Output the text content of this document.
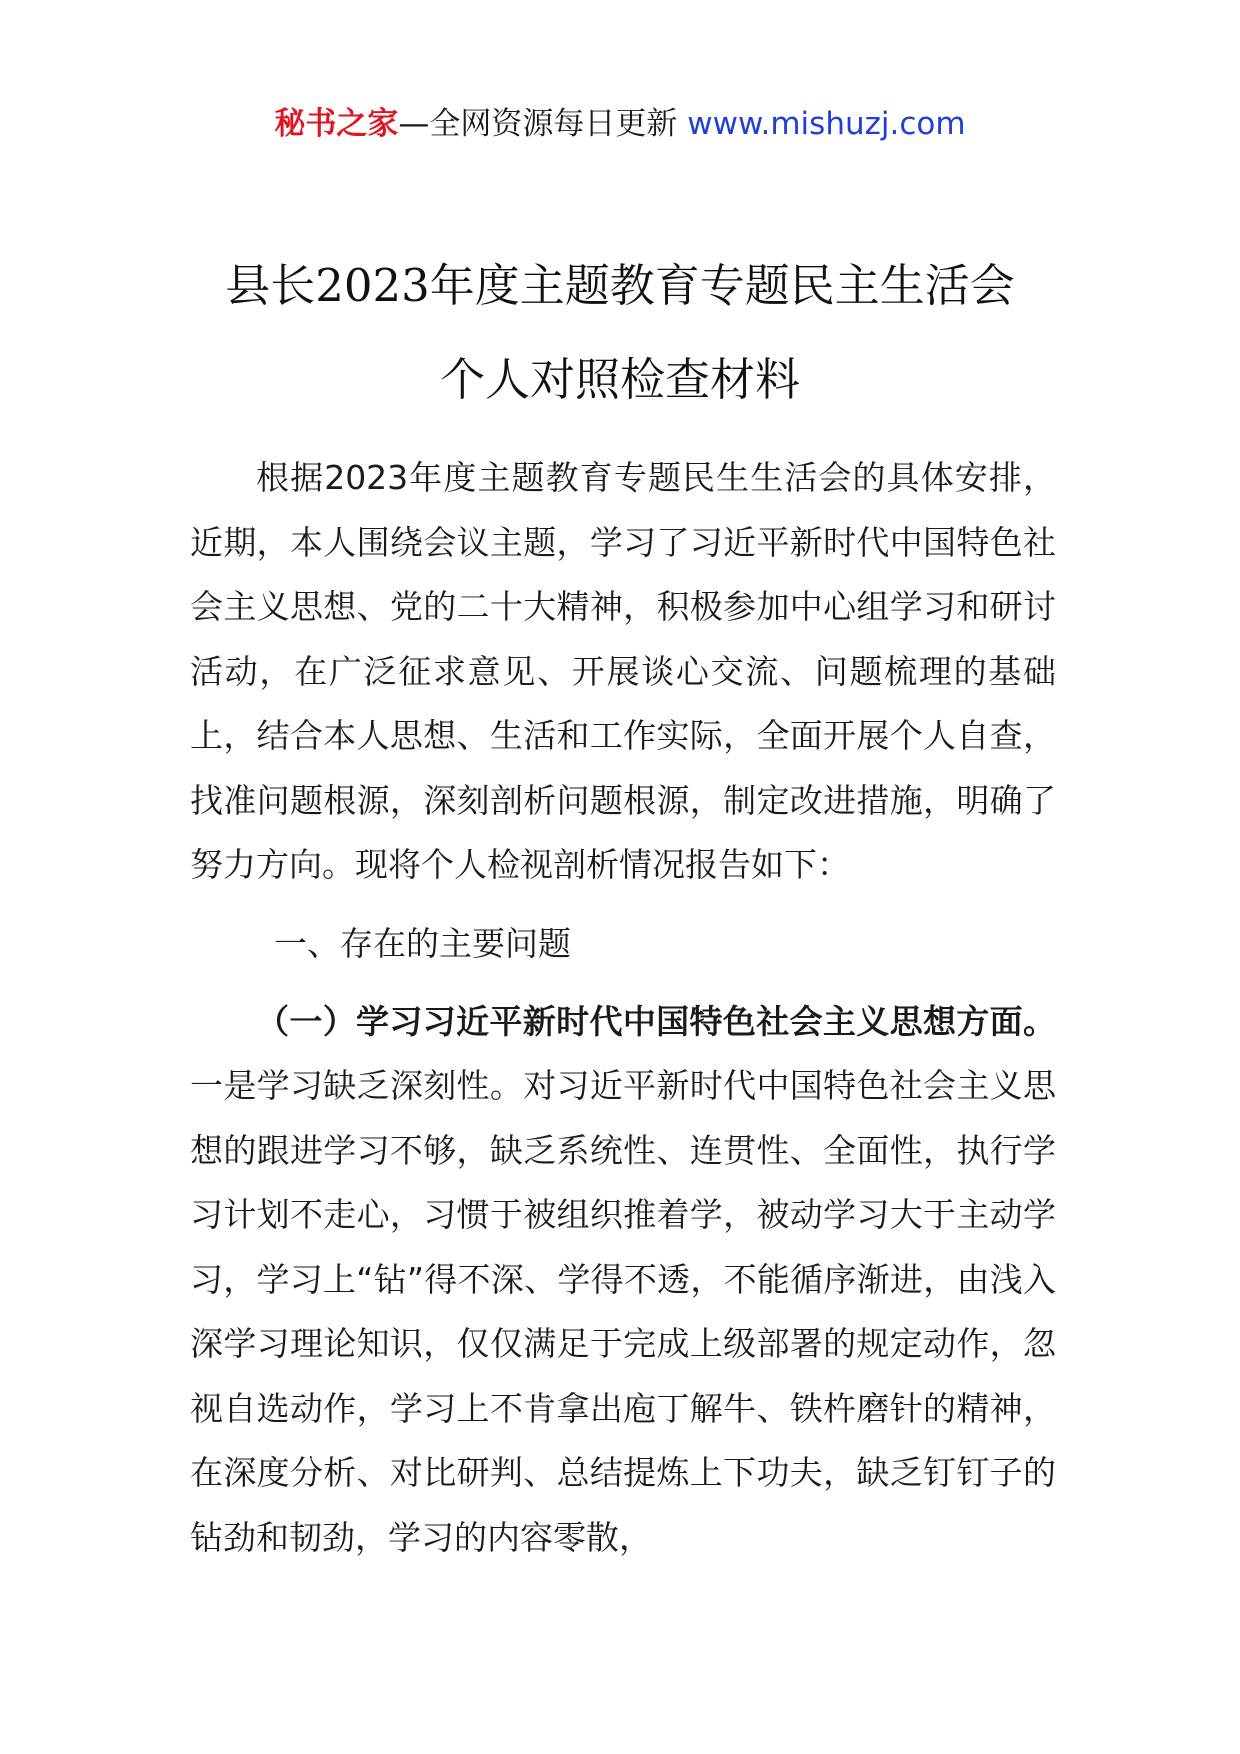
秘书之家—全网资源每日更新 www.mishuzj.com
县长2023年度主题教育专题民主生活会
个人对照检查材料

根据2023年度主题教育专题民生生活会的具体安排，近期，本人围绕会议主题，学习了习近平新时代中国特色社会主义思想、党的二十大精神，积极参加中心组学习和研讨活动，在广泛征求意见、开展谈心交流、问题梳理的基础上，结合本人思想、生活和工作实际，全面开展个人自查，找准问题根源，深刻剖析问题根源，制定改进措施，明确了努力方向。现将个人检视剖析情况报告如下：

一、存在的主要问题

（一）学习习近平新时代中国特色社会主义思想方面。一是学习缺乏深刻性。对习近平新时代中国特色社会主义思想的跟进学习不够，缺乏系统性、连贯性、全面性，执行学习计划不走心，习惯于被组织推着学，被动学习大于主动学习，学习上“钻”得不深、学得不透，不能循序渐进，由浅入深学习理论知识，仅仅满足于完成上级部署的规定动作，忽视自选动作，学习上不肯拿出庖丁解牛、铁杵磨针的精神，在深度分析、对比研判、总结提炼上下功夫，缺乏钉钉子的钻劲和韧劲，学习的内容零散，
